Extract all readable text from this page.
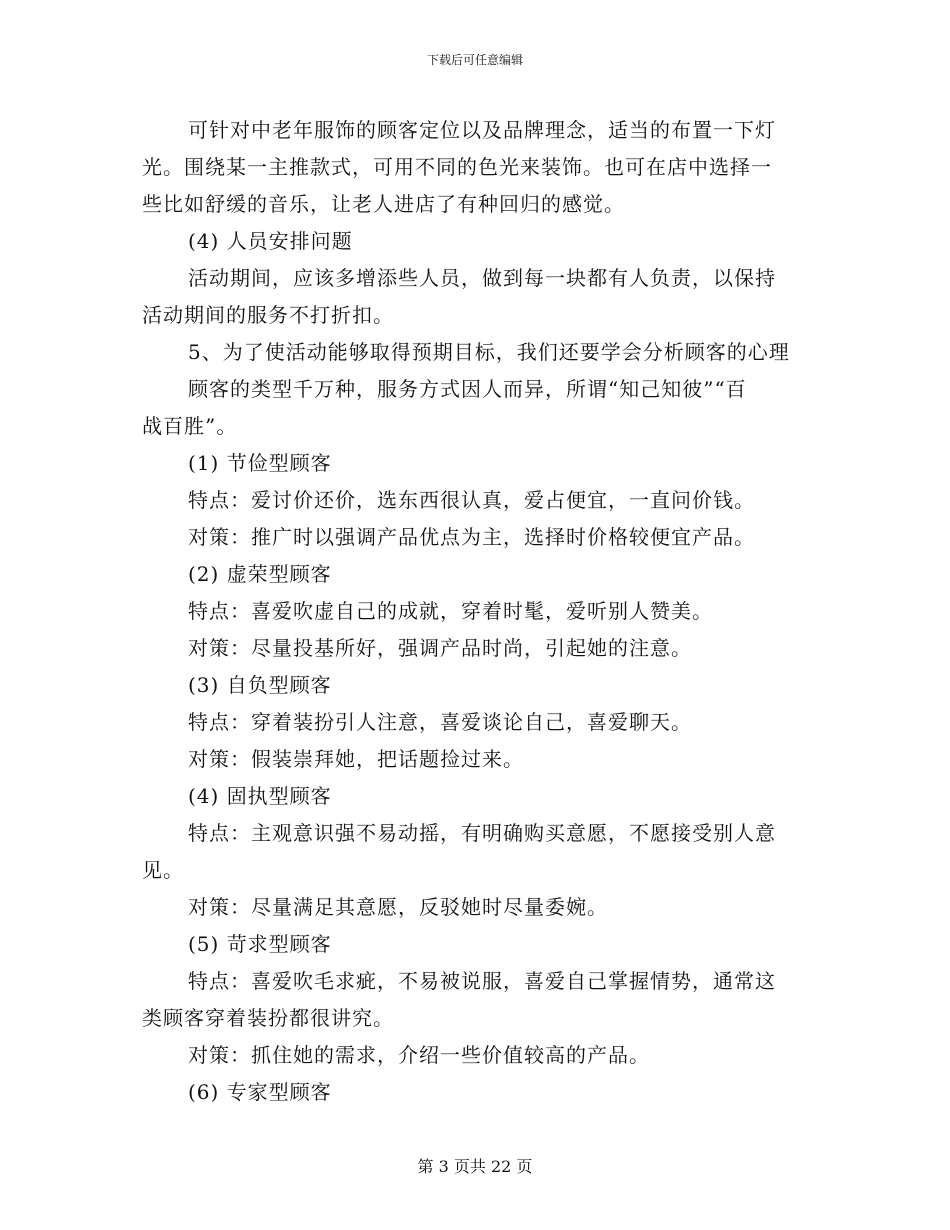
下载后可任意编辑

可针对中老年服饰的顾客定位以及品牌理念，适当的布置一下灯

光。围绕某一主推款式，可用不同的色光来装饰。也可在店中选择一

些比如舒缓的音乐，让老人进店了有种回归的感觉。

(4) 人员安排问题

活动期间，应该多增添些人员，做到每一块都有人负责，以保持

活动期间的服务不打折扣。

5、为了使活动能够取得预期目标，我们还要学会分析顾客的心理

顾客的类型千万种，服务方式因人而异，所谓“知己知彼”“百

战百胜”。

(1) 节俭型顾客

特点：爱讨价还价，选东西很认真，爱占便宜，一直问价钱。

对策：推广时以强调产品优点为主，选择时价格较便宜产品。

(2) 虚荣型顾客

特点：喜爱吹虚自己的成就，穿着时髦，爱听别人赞美。

对策：尽量投基所好，强调产品时尚，引起她的注意。

(3) 自负型顾客

特点：穿着装扮引人注意，喜爱谈论自己，喜爱聊天。

对策：假装崇拜她，把话题捡过来。

(4) 固执型顾客

特点：主观意识强不易动摇，有明确购买意愿，不愿接受别人意

见。

对策：尽量满足其意愿，反驳她时尽量委婉。

(5) 苛求型顾客

特点：喜爱吹毛求疵，不易被说服，喜爱自己掌握情势，通常这

类顾客穿着装扮都很讲究。

对策：抓住她的需求，介绍一些价值较高的产品。

(6) 专家型顾客

第 3 页共 22 页
